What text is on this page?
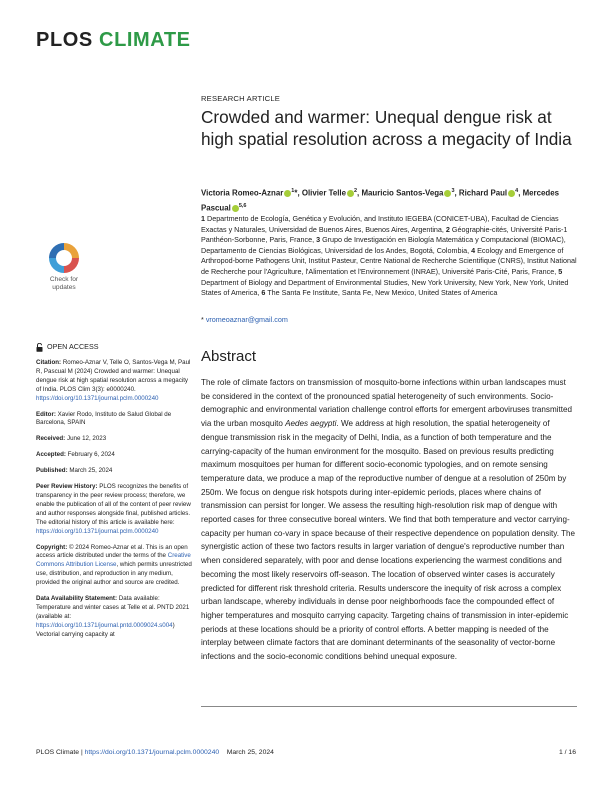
PLOS CLIMATE
Check for
updates
RESEARCH ARTICLE
Crowded and warmer: Unequal dengue risk at high spatial resolution across a megacity of India
Victoria Romeo-Aznar $^1$*, Olivier Telle $^2$, Mauricio Santos-Vega $^3$, Richard Paul $^4$, Mercedes Pascual $^{5,6}$
1 Departmento de Ecología, Genética y Evolución, and Instituto IEGEBA (CONICET-UBA), Facultad de Ciencias Exactas y Naturales, Universidad de Buenos Aires, Buenos Aires, Argentina, 2 Géographie-cités, Université Paris-1 Panthéon-Sorbonne, Paris, France, 3 Grupo de Investigación en Biología Matemática y Computacional (BIOMAC), Departamento de Ciencias Biológicas, Universidad de los Andes, Bogotá, Colombia, 4 Ecology and Emergence of Arthropod-borne Pathogens Unit, Institut Pasteur, Centre National de Recherche Scientifique (CNRS), Institut National de Recherche pour l'Agriculture, l'Alimentation et l'Environnement (INRAE), Université Paris-Cité, Paris, France, 5 Department of Biology and Department of Environmental Studies, New York University, New York, New York, United States of America, 6 The Santa Fe Institute, Santa Fe, New Mexico, United States of America
* vromeoaznar@gmail.com
OPEN ACCESS

Citation: Romeo-Aznar V, Telle O, Santos-Vega M, Paul R, Pascual M (2024) Crowded and warmer: Unequal dengue risk at high spatial resolution across a megacity of India. PLOS Clim 3(3): e0000240. https://doi.org/10.1371/journal.pclm.0000240

Editor: Xavier Rodo, Instituto de Salud Global de Barcelona, SPAIN

Received: June 12, 2023

Accepted: February 6, 2024

Published: March 25, 2024

Peer Review History: PLOS recognizes the benefits of transparency in the peer review process; therefore, we enable the publication of all of the content of peer review and author responses alongside final, published articles. The editorial history of this article is available here: https://doi.org/10.1371/journal.pclm.0000240

Copyright: © 2024 Romeo-Aznar et al. This is an open access article distributed under the terms of the Creative Commons Attribution License, which permits unrestricted use, distribution, and reproduction in any medium, provided the original author and source are credited.

Data Availability Statement: Data available: Temperature and winter cases at Telle et al. PNTD 2021 (available at: https://doi.org/10.1371/journal.pntd.0009024.s004) Vectorial carrying capacity at

Abstract
The role of climate factors on transmission of mosquito-borne infections within urban landscapes must be considered in the context of the pronounced spatial heterogeneity of such environments. Socio-demographic and environmental variation challenge control efforts for emergent arboviruses transmitted via the urban mosquito Aedes aegypti. We address at high resolution, the spatial heterogeneity of dengue transmission risk in the megacity of Delhi, India, as a function of both temperature and the carrying-capacity of the human environment for the mosquito. Based on previous results predicting maximum mosquitoes per human for different socio-economic typologies, and on remote sensing temperature data, we produce a map of the reproductive number of dengue at a resolution of 250m by 250m. We focus on dengue risk hotspots during inter-epidemic periods, places where chains of transmission can persist for longer. We assess the resulting high-resolution risk map of dengue with reported cases for three consecutive boreal winters. We find that both temperature and vector carrying-capacity per human co-vary in space because of their respective dependence on population density. The synergistic action of these two factors results in larger variation of dengue's reproductive number than when considered separately, with poor and dense locations experiencing the warmest conditions and becoming the most likely reservoirs off-season. The location of observed winter cases is accurately predicted for different risk threshold criteria. Results underscore the inequity of risk across a complex urban landscape, whereby individuals in dense poor neighborhoods face the compounded effect of higher temperatures and mosquito carrying capacity. Targeting chains of transmission in inter-epidemic periods at these locations should be a priority of control efforts. A better mapping is needed of the interplay between climate factors that are dominant determinants of the seasonality of vector-borne infections and the socio-economic conditions behind unequal exposure.
PLOS Climate | https://doi.org/10.1371/journal.pclm.0000240 March 25, 2024	1 / 16
